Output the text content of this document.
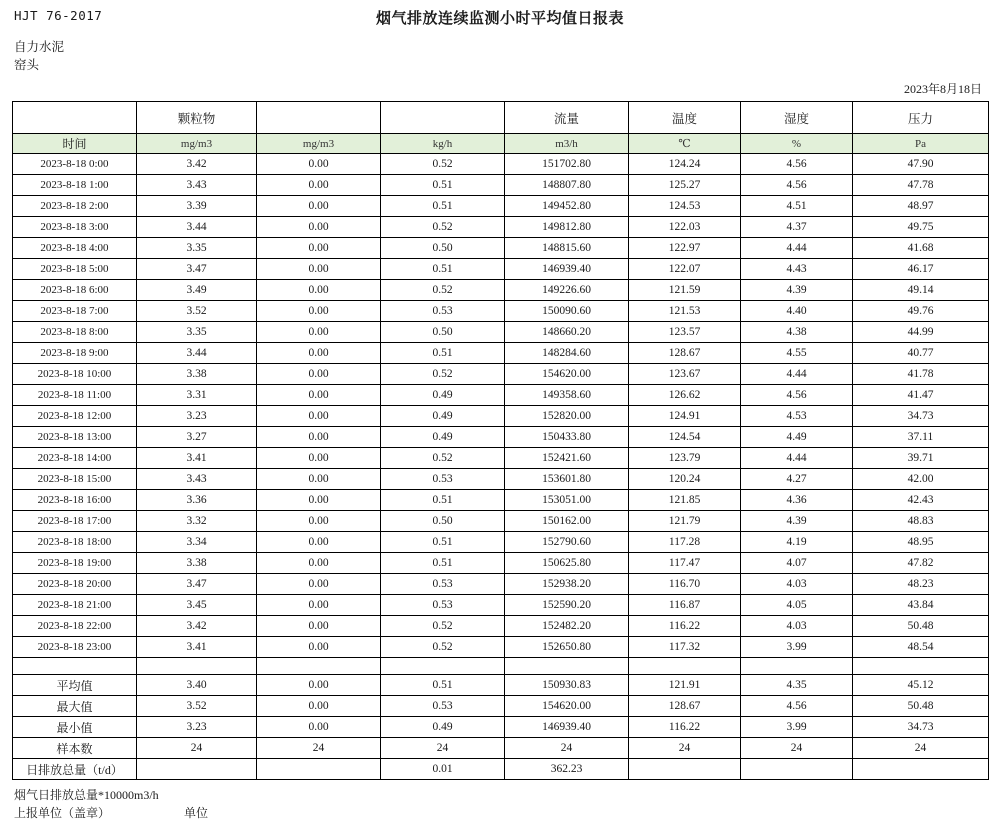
HJT 76-2017	烟气排放连续监测小时平均值日报表
自力水泥
窑头
2023年8月18日
	颗粒物			流量	温度	湿度	压力
时间	mg/m3	mg/m3	kg/h	m3/h	℃	%	Pa
2023-8-18 0:00	3.42	0.00	0.52	151702.80	124.24	4.56	47.90
2023-8-18 1:00	3.43	0.00	0.51	148807.80	125.27	4.56	47.78
2023-8-18 2:00	3.39	0.00	0.51	149452.80	124.53	4.51	48.97
2023-8-18 3:00	3.44	0.00	0.52	149812.80	122.03	4.37	49.75
2023-8-18 4:00	3.35	0.00	0.50	148815.60	122.97	4.44	41.68
2023-8-18 5:00	3.47	0.00	0.51	146939.40	122.07	4.43	46.17
2023-8-18 6:00	3.49	0.00	0.52	149226.60	121.59	4.39	49.14
2023-8-18 7:00	3.52	0.00	0.53	150090.60	121.53	4.40	49.76
2023-8-18 8:00	3.35	0.00	0.50	148660.20	123.57	4.38	44.99
2023-8-18 9:00	3.44	0.00	0.51	148284.60	128.67	4.55	40.77
2023-8-18 10:00	3.38	0.00	0.52	154620.00	123.67	4.44	41.78
2023-8-18 11:00	3.31	0.00	0.49	149358.60	126.62	4.56	41.47
2023-8-18 12:00	3.23	0.00	0.49	152820.00	124.91	4.53	34.73
2023-8-18 13:00	3.27	0.00	0.49	150433.80	124.54	4.49	37.11
2023-8-18 14:00	3.41	0.00	0.52	152421.60	123.79	4.44	39.71
2023-8-18 15:00	3.43	0.00	0.53	153601.80	120.24	4.27	42.00
2023-8-18 16:00	3.36	0.00	0.51	153051.00	121.85	4.36	42.43
2023-8-18 17:00	3.32	0.00	0.50	150162.00	121.79	4.39	48.83
2023-8-18 18:00	3.34	0.00	0.51	152790.60	117.28	4.19	48.95
2023-8-18 19:00	3.38	0.00	0.51	150625.80	117.47	4.07	47.82
2023-8-18 20:00	3.47	0.00	0.53	152938.20	116.70	4.03	48.23
2023-8-18 21:00	3.45	0.00	0.53	152590.20	116.87	4.05	43.84
2023-8-18 22:00	3.42	0.00	0.52	152482.20	116.22	4.03	50.48
2023-8-18 23:00	3.41	0.00	0.52	152650.80	117.32	3.99	48.54

平均值	3.40	0.00	0.51	150930.83	121.91	4.35	45.12
最大值	3.52	0.00	0.53	154620.00	128.67	4.56	50.48
最小值	3.23	0.00	0.49	146939.40	116.22	3.99	34.73
样本数	24	24	24	24	24	24	24
日排放总量（t/d）			0.01	362.23			
烟气日排放总量*10000m3/h
上报单位（盖章）	单位
